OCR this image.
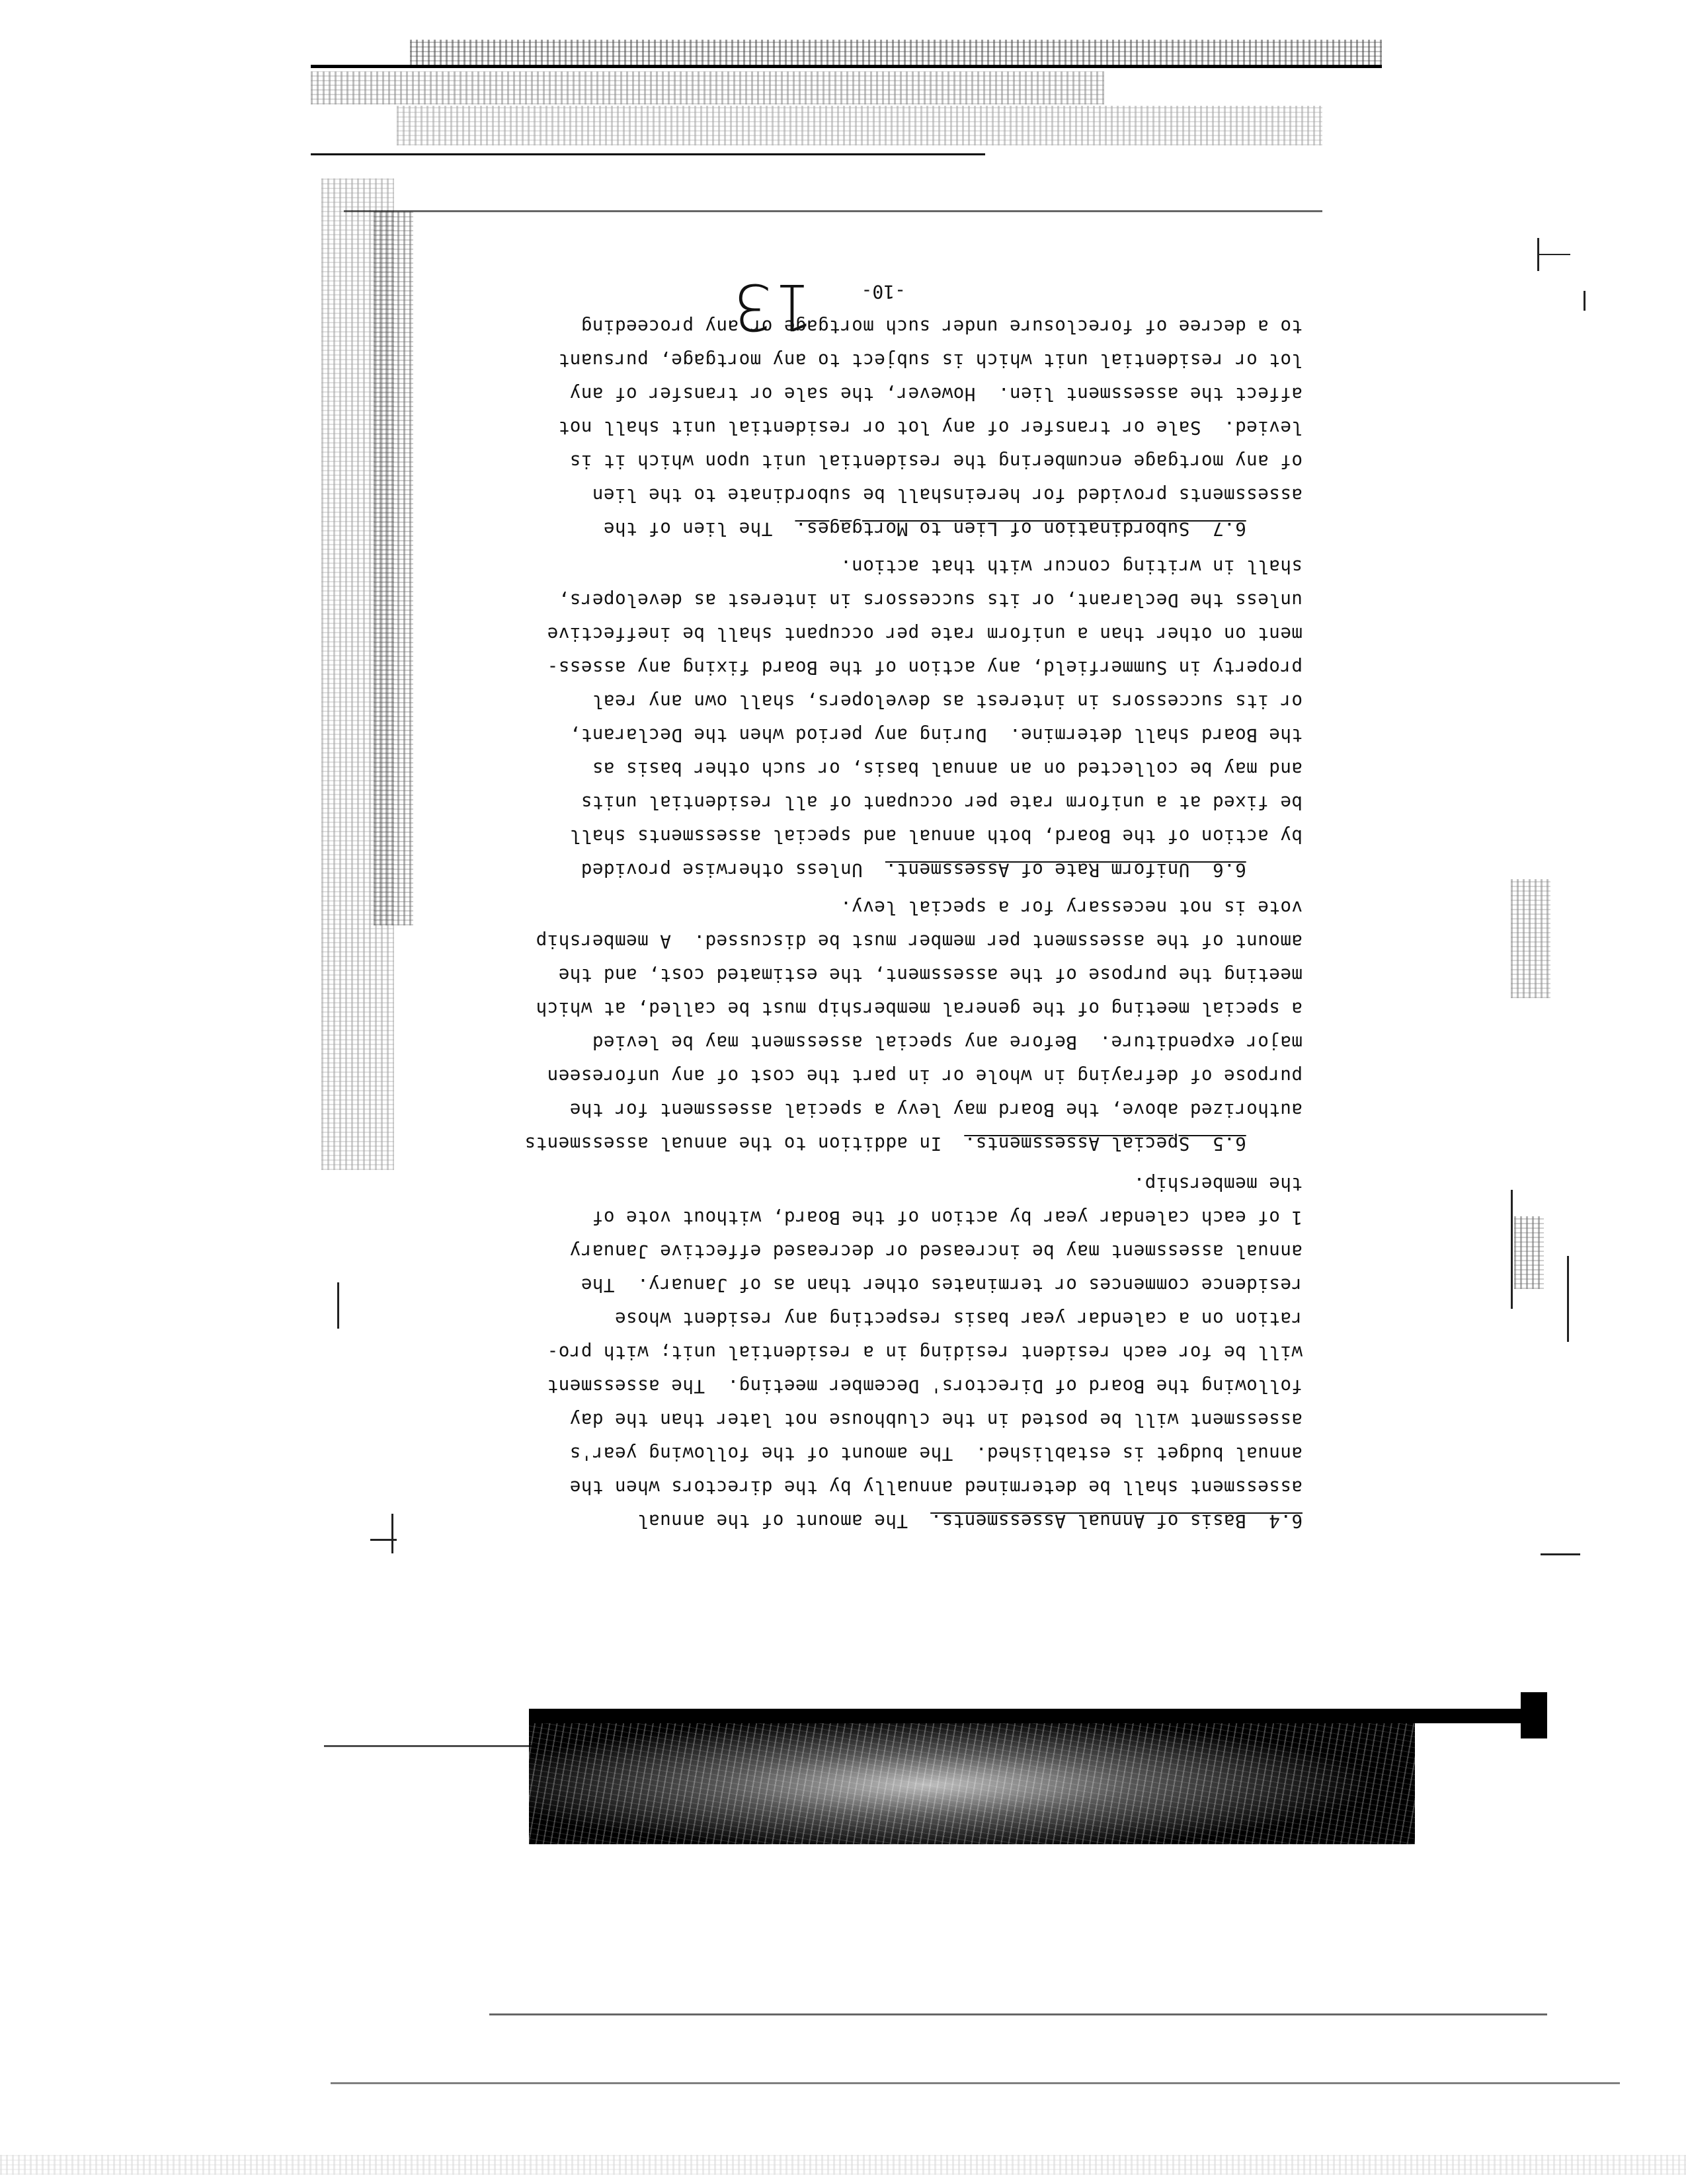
6.4  Basis of Annual Assessments.  The amount of the annual
assessment shall be determined annually by the directors when the
annual budget is established.  The amount of the following year's
assessment will be posted in the clubhouse not later than the day
following the Board of Directors' December meeting.  The assessment
will be for each resident residing in a residential unit; with pro-
ration on a calendar year basis respecting any resident whose
residence commences or terminates other than as of January.  The
annual assessment may be increased or decreased effective January
1 of each calendar year by action of the Board, without vote of
the membership.
6.5  Special Assessments.  In addition to the annual assessments
authorized above, the Board may levy a special assessment for the
purpose of defraying in whole or in part the cost of any unforeseen
major expenditure.  Before any special assessment may be levied
a special meeting of the general membership must be called, at which
meeting the purpose of the assessment, the estimated cost, and the
amount of the assessment per member must be discussed.  A membership
vote is not necessary for a special levy.
6.6  Uniform Rate of Assessment.  Unless otherwise provided
by action of the Board, both annual and special assessments shall
be fixed at a uniform rate per occupant of all residential units
and may be collected on an annual basis, or such other basis as
the Board shall determine.  During any period when the Declarant,
or its successors in interest as developers, shall own any real
property in Summerfield, any action of the Board fixing any assess-
ment on other than a uniform rate per occupant shall be ineffective
unless the Declarant, or its successors in interest as developers,
shall in writing concur with that action.
6.7  Subordination of Lien to Mortgages.  The lien of the
assessments provided for hereinshall be subordinate to the lien
of any mortgage encumbering the residential unit upon which it is
levied.  Sale or transfer of any lot or residential unit shall not
affect the assessment lien.  However, the sale or transfer of any
lot or residential unit which is subject to any mortgage, pursuant
to a decree of foreclosure under such mortgage or any proceeding
13	-10-
